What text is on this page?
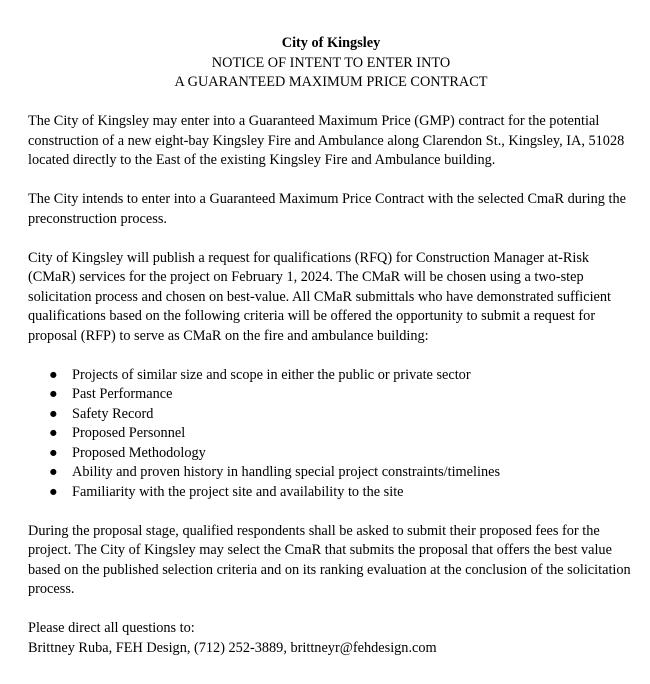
City of Kingsley
NOTICE OF INTENT TO ENTER INTO
A GUARANTEED MAXIMUM PRICE CONTRACT

The City of Kingsley may enter into a Guaranteed Maximum Price (GMP) contract for the potential construction of a new eight-bay Kingsley Fire and Ambulance along Clarendon St., Kingsley, IA, 51028 located directly to the East of the existing Kingsley Fire and Ambulance building.

The City intends to enter into a Guaranteed Maximum Price Contract with the selected CmaR during the preconstruction process.

City of Kingsley will publish a request for qualifications (RFQ) for Construction Manager at-Risk (CMaR) services for the project on February 1, 2024. The CMaR will be chosen using a two-step solicitation process and chosen on best-value. All CMaR submittals who have demonstrated sufficient qualifications based on the following criteria will be offered the opportunity to submit a request for proposal (RFP) to serve as CMaR on the fire and ambulance building:

● Projects of similar size and scope in either the public or private sector
● Past Performance
● Safety Record
● Proposed Personnel
● Proposed Methodology
● Ability and proven history in handling special project constraints/timelines
● Familiarity with the project site and availability to the site

During the proposal stage, qualified respondents shall be asked to submit their proposed fees for the project. The City of Kingsley may select the CmaR that submits the proposal that offers the best value based on the published selection criteria and on its ranking evaluation at the conclusion of the solicitation process.

Please direct all questions to:
Brittney Ruba, FEH Design, (712) 252-3889, brittneyr@fehdesign.com
